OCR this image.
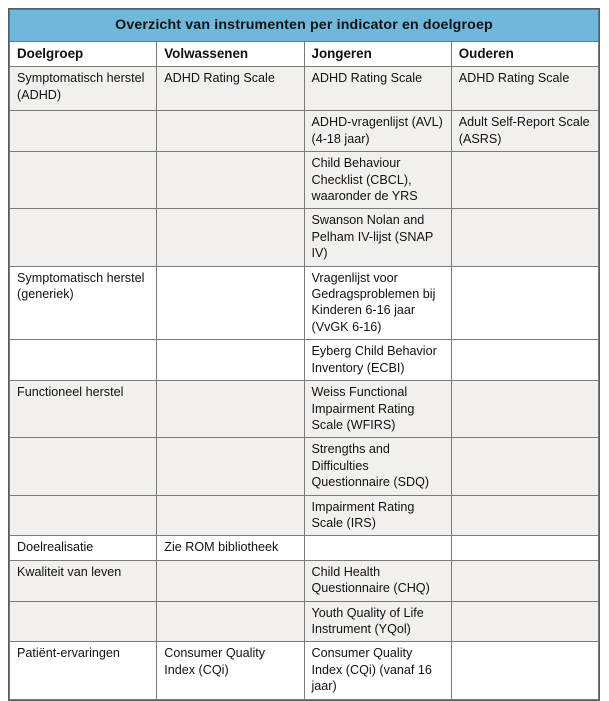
Overzicht van instrumenten per indicator en doelgroep			
Doelgroep	Volwassenen	Jongeren	Ouderen
Symptomatisch herstel (ADHD)	ADHD Rating Scale	ADHD Rating Scale	ADHD Rating Scale
		ADHD-vragenlijst (AVL) (4-18 jaar)	Adult Self-Report Scale (ASRS)
		Child Behaviour Checklist (CBCL), waaronder de YRS	
		Swanson Nolan and Pelham IV-lijst (SNAP IV)	
Symptomatisch herstel (generiek)		Vragenlijst voor Gedragsproblemen bij Kinderen 6-16 jaar (VvGK 6-16)	
		Eyberg Child Behavior Inventory (ECBI)	
Functioneel herstel		Weiss Functional Impairment Rating Scale (WFIRS)	
		Strengths and Difficulties Questionnaire (SDQ)	
		Impairment Rating Scale (IRS)	
Doelrealisatie	Zie ROM bibliotheek		
Kwaliteit van leven		Child Health Questionnaire (CHQ)	
		Youth Quality of Life Instrument (YQol)	
Patiënt-ervaringen	Consumer Quality Index (CQi)	Consumer Quality Index (CQi) (vanaf 16 jaar)	
